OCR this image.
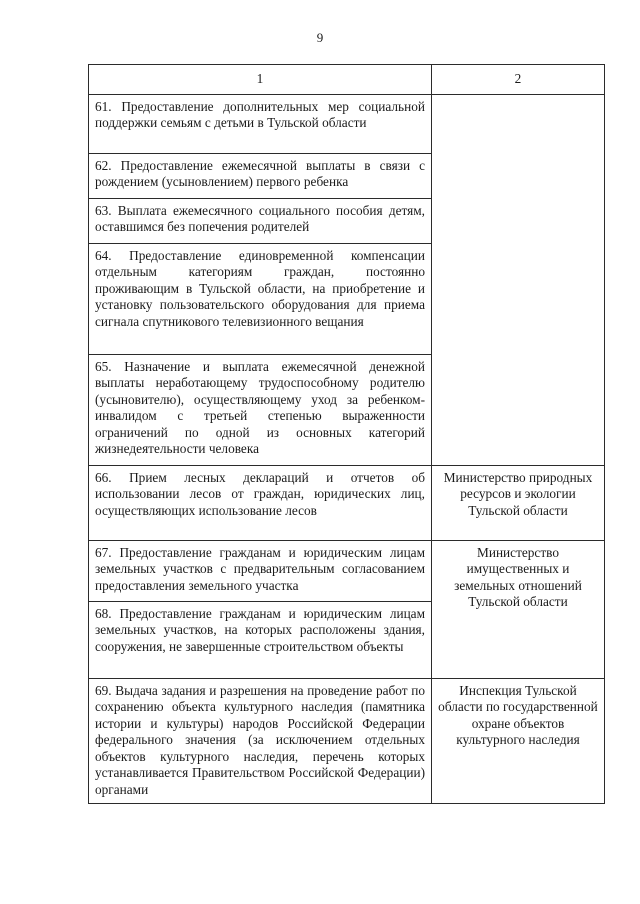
9
1	2
61. Предоставление дополнительных мер социальной поддержки семьям с детьми в Тульской области	
62. Предоставление ежемесячной выплаты в связи с рождением (усыновлением) первого ребенка	
63. Выплата ежемесячного социального пособия детям, оставшимся без попечения родителей	
64. Предоставление единовременной компенсации отдельным категориям граждан, постоянно проживающим в Тульской области, на приобретение и установку пользовательского оборудования для приема сигнала спутникового телевизионного вещания	
65. Назначение и выплата ежемесячной денежной выплаты неработающему трудоспособному родителю (усыновителю), осуществляющему уход за ребенком-инвалидом с третьей степенью выраженности ограничений по одной из основных категорий жизнедеятельности человека	
66. Прием лесных деклараций и отчетов об использовании лесов от граждан, юридических лиц, осуществляющих использование лесов	Министерство природных ресурсов и экологии Тульской области
67. Предоставление гражданам и юридическим лицам земельных участков с предварительным согласованием предоставления земельного участка	Министерство имущественных и земельных отношений Тульской области
68. Предоставление гражданам и юридическим лицам земельных участков, на которых расположены здания, сооружения, не завершенные строительством объекты	
69. Выдача задания и разрешения на проведение работ по сохранению объекта культурного наследия (памятника истории и культуры) народов Российской Федерации федерального значения (за исключением отдельных объектов культурного наследия, перечень которых устанавливается Правительством Российской Федерации) органами	Инспекция Тульской области по государственной охране объектов культурного наследия
